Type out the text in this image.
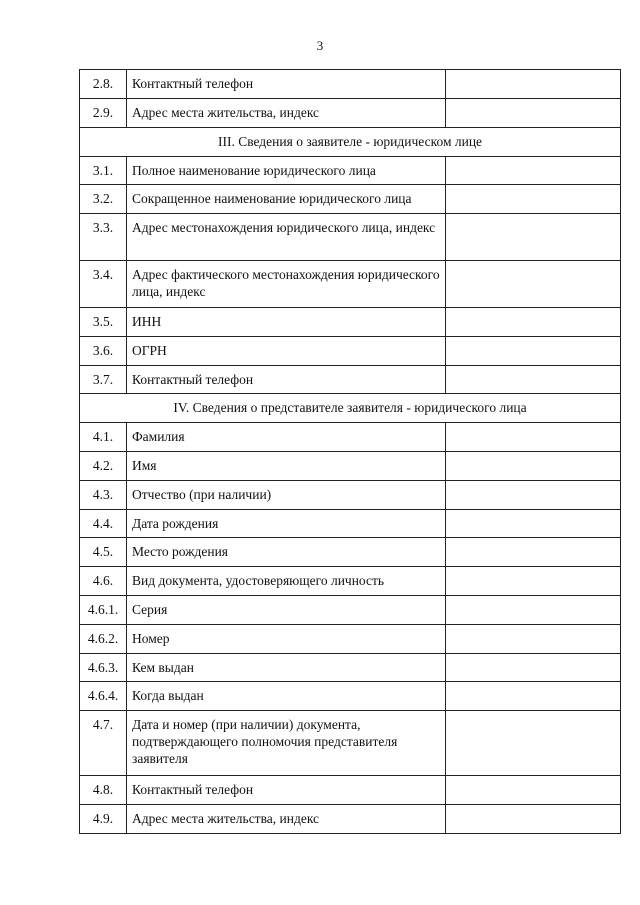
3
2.8.	Контактный телефон	
2.9.	Адрес места жительства, индекс	
III. Сведения о заявителе - юридическом лице		
3.1.	Полное наименование юридического лица	
3.2.	Сокращенное наименование юридического лица	
3.3.	Адрес местонахождения юридического лица, индекс	
3.4.	Адрес фактического местонахождения юридического лица, индекс	
3.5.	ИНН	
3.6.	ОГРН	
3.7.	Контактный телефон	
IV. Сведения о представителе заявителя - юридического лица		
4.1.	Фамилия	
4.2.	Имя	
4.3.	Отчество (при наличии)	
4.4.	Дата рождения	
4.5.	Место рождения	
4.6.	Вид документа, удостоверяющего личность	
4.6.1.	Серия	
4.6.2.	Номер	
4.6.3.	Кем выдан	
4.6.4.	Когда выдан	
4.7.	Дата и номер (при наличии) документа, подтверждающего полномочия представителя заявителя	
4.8.	Контактный телефон	
4.9.	Адрес места жительства, индекс	
